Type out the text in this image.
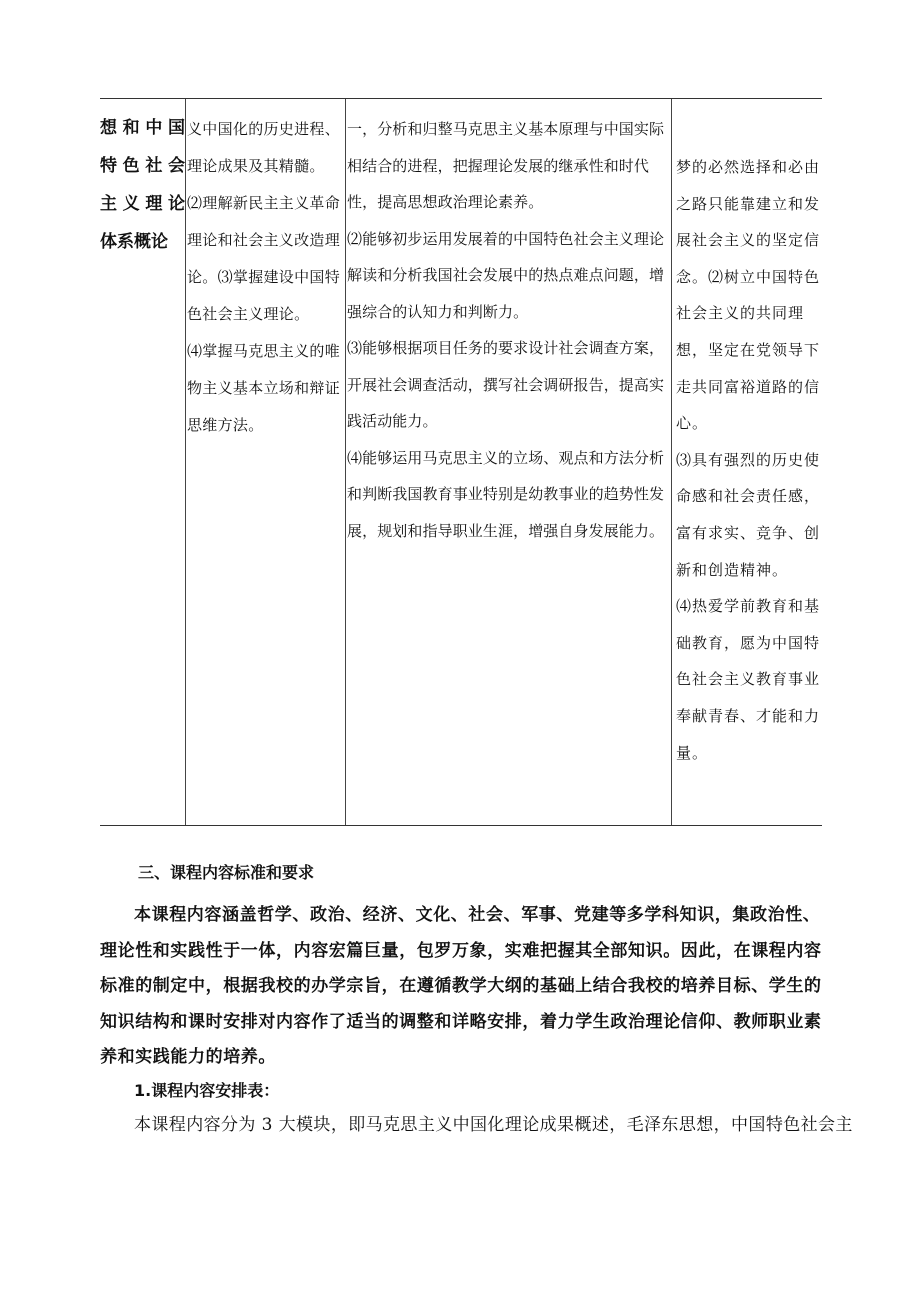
想 和 中 国
特 色 社 会
主 义 理 论
体 系 概 论

义中国化的历史进程、理论成果及其精髓。

⑵理解新民主主义革命理论和社会主义改造理论。⑶掌握建设中国特色社会主义理论。

⑷掌握马克思主义的唯物主义基本立场和辩证思维方法。

一，分析和归整马克思主义基本原理与中国实际相结合的进程，把握理论发展的继承性和时代性，提高思想政治理论素养。

⑵能够初步运用发展着的中国特色社会主义理论解读和分析我国社会发展中的热点难点问题，增强综合的认知力和判断力。

⑶能够根据项目任务的要求设计社会调查方案，开展社会调查活动，撰写社会调研报告，提高实践活动能力。

⑷能够运用马克思主义的立场、观点和方法分析和判断我国教育事业特别是幼教事业的趋势性发展，规划和指导职业生涯，增强自身发展能力。

梦的必然选择和必由之路只能靠建立和发展社会主义的坚定信念。⑵树立中国特色社会主义的共同理想，坚定在党领导下走共同富裕道路的信心。

⑶具有强烈的历史使命感和社会责任感，富有求实、竞争、创新和创造精神。

⑷热爱学前教育和基础教育，愿为中国特色社会主义教育事业奉献青春、才能和力量。

三、课程内容标准和要求
本课程内容涵盖哲学、政治、经济、文化、社会、军事、党建等多学科知识，集政治性、理论性和实践性于一体，内容宏篇巨量，包罗万象，实难把握其全部知识。因此，在课程内容标准的制定中，根据我校的办学宗旨，在遵循教学大纲的基础上结合我校的培养目标、学生的知识结构和课时安排对内容作了适当的调整和详略安排，着力学生政治理论信仰、教师职业素养和实践能力的培养。
1.课程内容安排表：
本课程内容分为 3 大模块，即马克思主义中国化理论成果概述，毛泽东思想，中国特色社会主
